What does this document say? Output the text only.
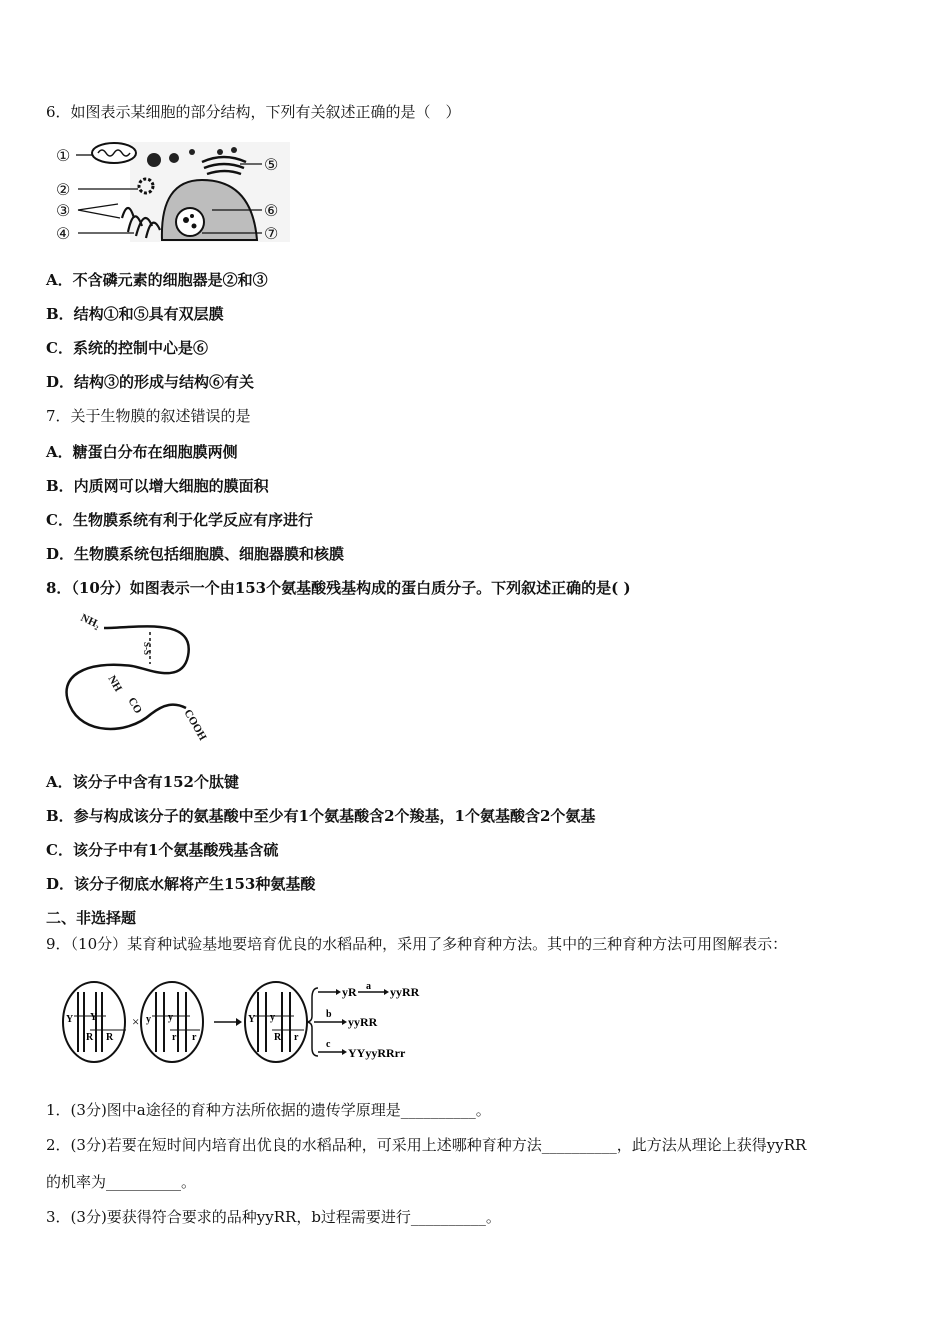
6．如图表示某细胞的部分结构，下列有关叙述正确的是（　）
①
②
③
④
⑤
⑥
⑦
A．不含磷元素的细胞器是②和③
B．结构①和⑤具有双层膜
C．系统的控制中心是⑥
D．结构③的形成与结构⑥有关
7．关于生物膜的叙述错误的是
A．糖蛋白分布在细胞膜两侧
B．内质网可以增大细胞的膜面积
C．生物膜系统有利于化学反应有序进行
D．生物膜系统包括细胞膜、细胞器膜和核膜
8．（10分）如图表示一个由153个氨基酸残基构成的蛋白质分子。下列叙述正确的是( )
NH₂
S-S
NH
CO
COOH
A．该分子中含有152个肽键
B．参与构成该分子的氨基酸中至少有1个氨基酸含2个羧基，1个氨基酸含2个氨基
C．该分子中有1个氨基酸残基含硫
D．该分子彻底水解将产生153种氨基酸
二、非选择题
9．（10分）某育种试验基地要培育优良的水稻品种，采用了多种育种方法。其中的三种育种方法可用图解表示：
Y Y
R R
× y y
r r
Y y
R r
yR a yyRR
b
yyRR
c
YYyyRRrr
1．(3分)图中a途径的育种方法所依据的遗传学原理是__________。
2．(3分)若要在短时间内培育出优良的水稻品种，可采用上述哪种育种方法__________，此方法从理论上获得yyRR
的机率为__________。
3．(3分)要获得符合要求的品种yyRR，b过程需要进行__________。
